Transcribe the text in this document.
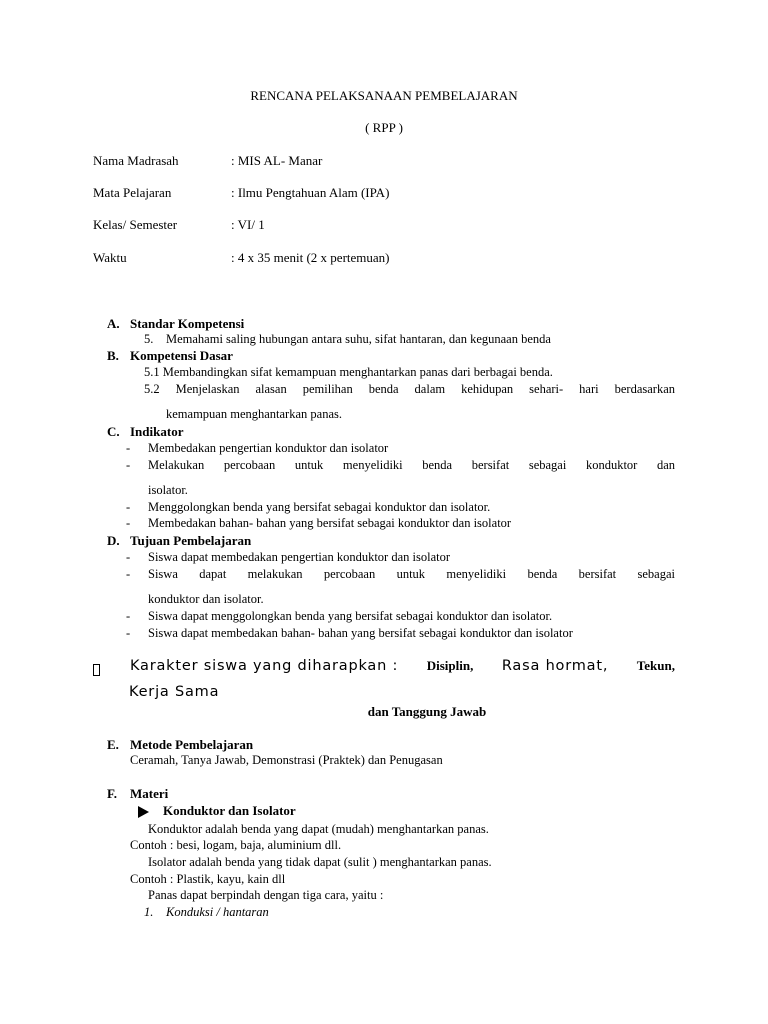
RENCANA PELAKSANAAN PEMBELAJARAN
( RPP )
Nama Madrasah	: MIS AL- Manar
Mata Pelajaran	: Ilmu Pengtahuan Alam (IPA)
Kelas/ Semester	: VI/ 1
Waktu	: 4 x 35 menit (2 x pertemuan)
A. Standar Kompetensi
5. Memahami saling hubungan antara suhu, sifat hantaran, dan kegunaan benda
B. Kompetensi Dasar
5.1 Membandingkan sifat kemampuan menghantarkan panas dari berbagai benda.
5.2 Menjelaskan alasan pemilihan benda dalam kehidupan sehari- hari berdasarkan
kemampuan menghantarkan panas.
C. Indikator
- Membedakan pengertian konduktor dan isolator
- Melakukan percobaan untuk menyelidiki benda bersifat sebagai konduktor dan
isolator.
- Menggolongkan benda yang bersifat sebagai konduktor dan isolator.
- Membedakan bahan- bahan yang bersifat sebagai konduktor dan isolator
D. Tujuan Pembelajaran
- Siswa dapat membedakan pengertian konduktor dan isolator
- Siswa dapat melakukan percobaan untuk menyelidiki benda bersifat sebagai
konduktor dan isolator.
- Siswa dapat menggolongkan benda yang bersifat sebagai konduktor dan isolator.
- Siswa dapat membedakan bahan- bahan yang bersifat sebagai konduktor dan isolator
Karakter siswa yang diharapkan : Disiplin, Rasa hormat, Tekun,
Kerja Sama
dan Tanggung Jawab
E. Metode Pembelajaran
Ceramah, Tanya Jawab, Demonstrasi (Praktek) dan Penugasan
F. Materi
Konduktor dan Isolator
Konduktor adalah benda yang dapat (mudah) menghantarkan panas.
Contoh : besi, logam, baja, aluminium dll.
Isolator adalah benda yang tidak dapat (sulit ) menghantarkan panas.
Contoh : Plastik, kayu, kain dll
Panas dapat berpindah dengan tiga cara, yaitu :
1. Konduksi / hantaran
